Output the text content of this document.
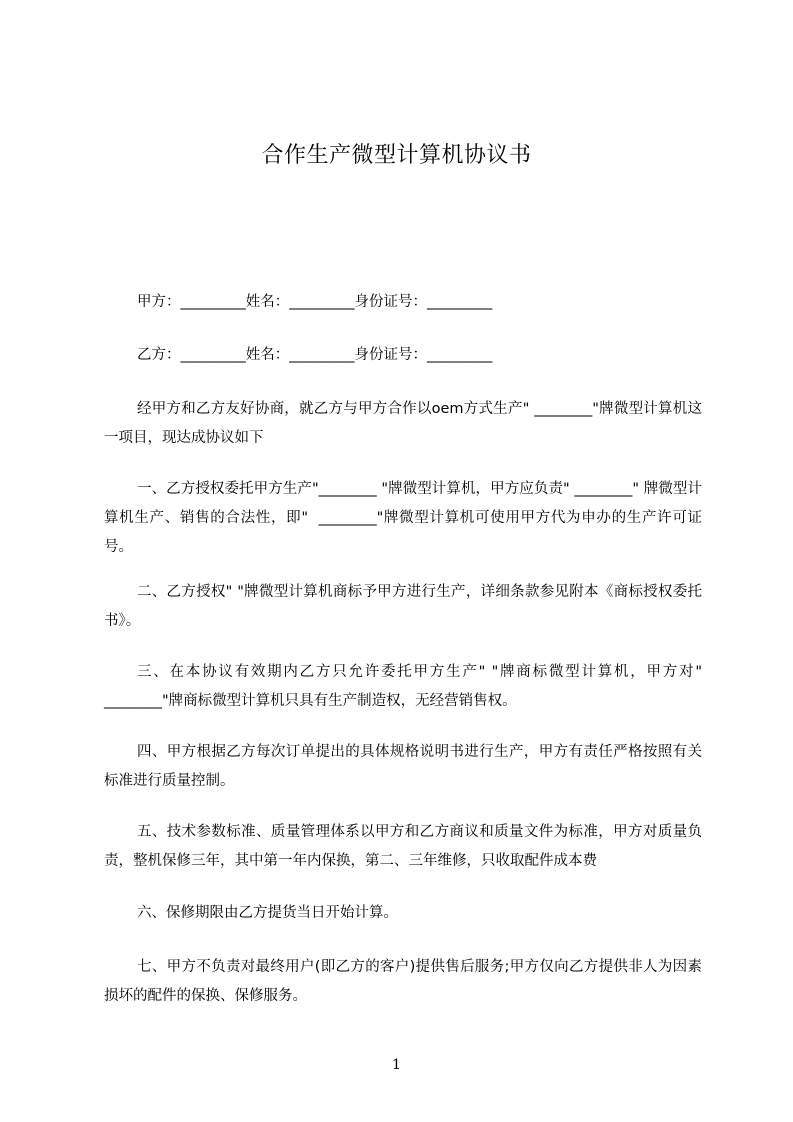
合作生产微型计算机协议书
甲方：_________姓名：_________身份证号：_________
乙方：_________姓名：_________身份证号：_________

经甲方和乙方友好协商，就乙方与甲方合作以oem方式生产" ________"牌微型计算机这一项目，现达成协议如下

一、乙方授权委托甲方生产"________ "牌微型计算机，甲方应负责" ________" 牌微型计算机生产、销售的合法性，即"  ________"牌微型计算机可使用甲方代为申办的生产许可证号。

二、乙方授权" "牌微型计算机商标予甲方进行生产，详细条款参见附本《商标授权委托书》。

三、在本协议有效期内乙方只允许委托甲方生产" "牌商标微型计算机，甲方对" ________"牌商标微型计算机只具有生产制造权，无经营销售权。

四、甲方根据乙方每次订单提出的具体规格说明书进行生产，甲方有责任严格按照有关标准进行质量控制。

五、技术参数标准、质量管理体系以甲方和乙方商议和质量文件为标准，甲方对质量负责，整机保修三年，其中第一年内保换，第二、三年维修，只收取配件成本费

六、保修期限由乙方提货当日开始计算。

七、甲方不负责对最终用户(即乙方的客户)提供售后服务;甲方仅向乙方提供非人为因素损坏的配件的保换、保修服务。

1
